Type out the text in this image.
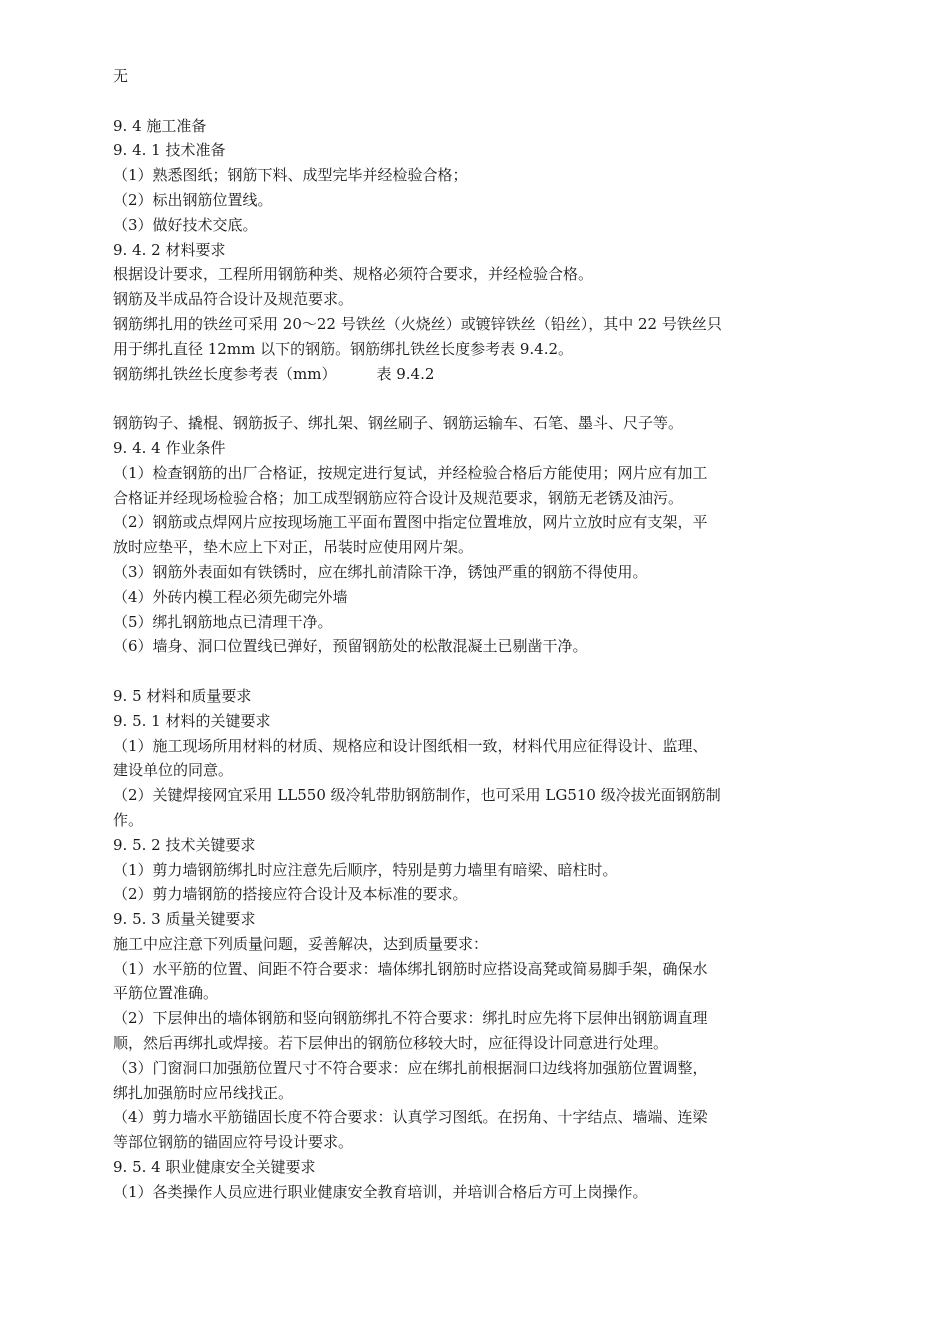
无
9. 4 施工准备
9. 4. 1 技术准备
（1）熟悉图纸；钢筋下料、成型完毕并经检验合格；
（2）标出钢筋位置线。
（3）做好技术交底。
9. 4. 2 材料要求
根据设计要求，工程所用钢筋种类、规格必须符合要求，并经检验合格。
钢筋及半成品符合设计及规范要求。
钢筋绑扎用的铁丝可采用 20～22 号铁丝（火烧丝）或镀锌铁丝（铅丝），其中 22 号铁丝只
用于绑扎直径 12mm 以下的钢筋。钢筋绑扎铁丝长度参考表 9.4.2。
钢筋绑扎铁丝长度参考表（mm）	表 9.4.2
钢筋钩子、撬棍、钢筋扳子、绑扎架、钢丝刷子、钢筋运输车、石笔、墨斗、尺子等。
9. 4. 4 作业条件
（1）检查钢筋的出厂合格证，按规定进行复试，并经检验合格后方能使用；网片应有加工
合格证并经现场检验合格；加工成型钢筋应符合设计及规范要求，钢筋无老锈及油污。
（2）钢筋或点焊网片应按现场施工平面布置图中指定位置堆放，网片立放时应有支架，平
放时应垫平，垫木应上下对正，吊装时应使用网片架。
（3）钢筋外表面如有铁锈时，应在绑扎前清除干净，锈蚀严重的钢筋不得使用。
（4）外砖内模工程必须先砌完外墙
（5）绑扎钢筋地点已清理干净。
（6）墙身、洞口位置线已弹好，预留钢筋处的松散混凝土已剔凿干净。
9. 5 材料和质量要求
9. 5. 1 材料的关键要求
（1）施工现场所用材料的材质、规格应和设计图纸相一致，材料代用应征得设计、监理、
建设单位的同意。
（2）关键焊接网宜采用 LL550 级冷轧带肋钢筋制作，也可采用 LG510 级冷拔光面钢筋制
作。
9. 5. 2 技术关键要求
（1）剪力墙钢筋绑扎时应注意先后顺序，特别是剪力墙里有暗梁、暗柱时。
（2）剪力墙钢筋的搭接应符合设计及本标准的要求。
9. 5. 3 质量关键要求
施工中应注意下列质量问题，妥善解决，达到质量要求：
（1）水平筋的位置、间距不符合要求：墙体绑扎钢筋时应搭设高凳或简易脚手架，确保水
平筋位置准确。
（2）下层伸出的墙体钢筋和竖向钢筋绑扎不符合要求：绑扎时应先将下层伸出钢筋调直理
顺，然后再绑扎或焊接。若下层伸出的钢筋位移较大时，应征得设计同意进行处理。
（3）门窗洞口加强筋位置尺寸不符合要求：应在绑扎前根据洞口边线将加强筋位置调整，
绑扎加强筋时应吊线找正。
（4）剪力墙水平筋锚固长度不符合要求：认真学习图纸。在拐角、十字结点、墙端、连梁
等部位钢筋的锚固应符号设计要求。
9. 5. 4 职业健康安全关键要求
（1）各类操作人员应进行职业健康安全教育培训，并培训合格后方可上岗操作。
